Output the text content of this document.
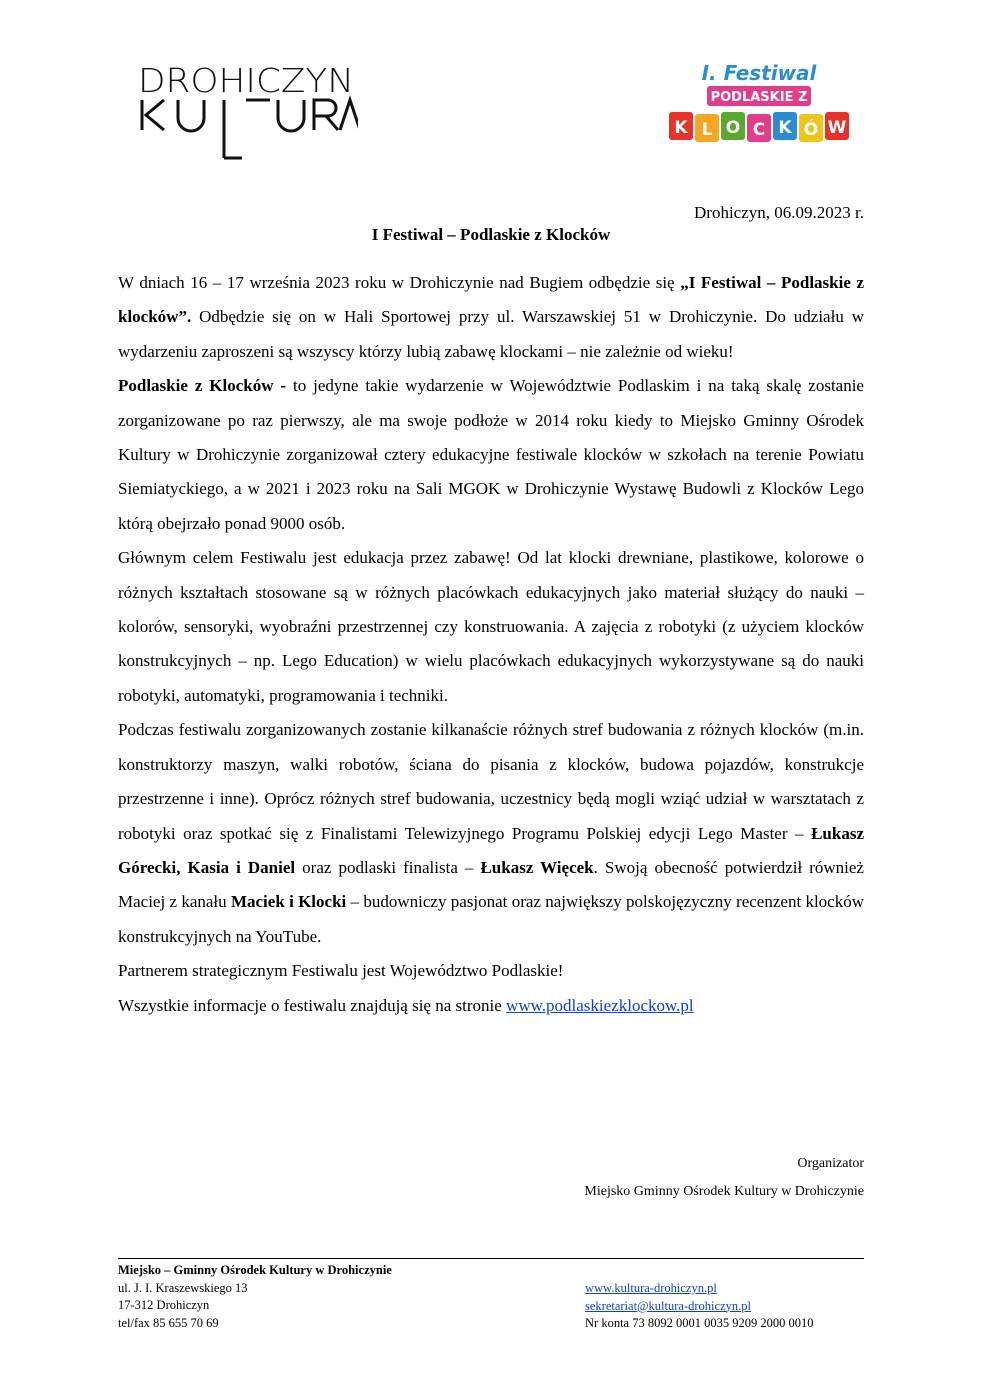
DROHICZYN	I. Festiwal
PODLASKIE Z
K L O C K Ó W
Drohiczyn, 06.09.2023 r.
I Festiwal – Podlaskie z Klocków

W dniach 16 – 17 września 2023 roku w Drohiczynie nad Bugiem odbędzie się „I Festiwal – Podlaskie z klocków”. Odbędzie się on w Hali Sportowej przy ul. Warszawskiej 51 w Drohiczynie. Do udziału w wydarzeniu zaproszeni są wszyscy którzy lubią zabawę klockami – nie zależnie od wieku!

Podlaskie z Klocków - to jedyne takie wydarzenie w Województwie Podlaskim i na taką skalę zostanie zorganizowane po raz pierwszy, ale ma swoje podłoże w 2014 roku kiedy to Miejsko Gminny Ośrodek Kultury w Drohiczynie zorganizował cztery edukacyjne festiwale klocków w szkołach na terenie Powiatu Siemiatyckiego, a w 2021 i 2023 roku na Sali MGOK w Drohiczynie Wystawę Budowli z Klocków Lego którą obejrzało ponad 9000 osób.

Głównym celem Festiwalu jest edukacja przez zabawę! Od lat klocki drewniane, plastikowe, kolorowe o różnych kształtach stosowane są w różnych placówkach edukacyjnych jako materiał służący do nauki – kolorów, sensoryki, wyobraźni przestrzennej czy konstruowania. A zajęcia z robotyki (z użyciem klocków konstrukcyjnych – np. Lego Education) w wielu placówkach edukacyjnych wykorzystywane są do nauki robotyki, automatyki, programowania i techniki.

Podczas festiwalu zorganizowanych zostanie kilkanaście różnych stref budowania z różnych klocków (m.in. konstruktorzy maszyn, walki robotów, ściana do pisania z klocków, budowa pojazdów, konstrukcje przestrzenne i inne). Oprócz różnych stref budowania, uczestnicy będą mogli wziąć udział w warsztatach z robotyki oraz spotkać się z Finalistami Telewizyjnego Programu Polskiej edycji Lego Master – Łukasz Górecki, Kasia i Daniel oraz podlaski finalista – Łukasz Więcek. Swoją obecność potwierdził również Maciej z kanału Maciek i Klocki – budowniczy pasjonat oraz największy polskojęzyczny recenzent klocków konstrukcyjnych na YouTube.

Partnerem strategicznym Festiwalu jest Województwo Podlaskie!

Wszystkie informacje o festiwalu znajdują się na stronie www.podlaskiezklockow.pl

Organizator
Miejsko Gminny Ośrodek Kultury w Drohiczynie
Miejsko – Gminny Ośrodek Kultury w Drohiczynie
ul. J. I. Kraszewskiego 13
17-312 Drohiczyn
tel/fax 85 655 70 69
www.kultura-drohiczyn.pl
sekretariat@kultura-drohiczyn.pl
Nr konta 73 8092 0001 0035 9209 2000 0010
